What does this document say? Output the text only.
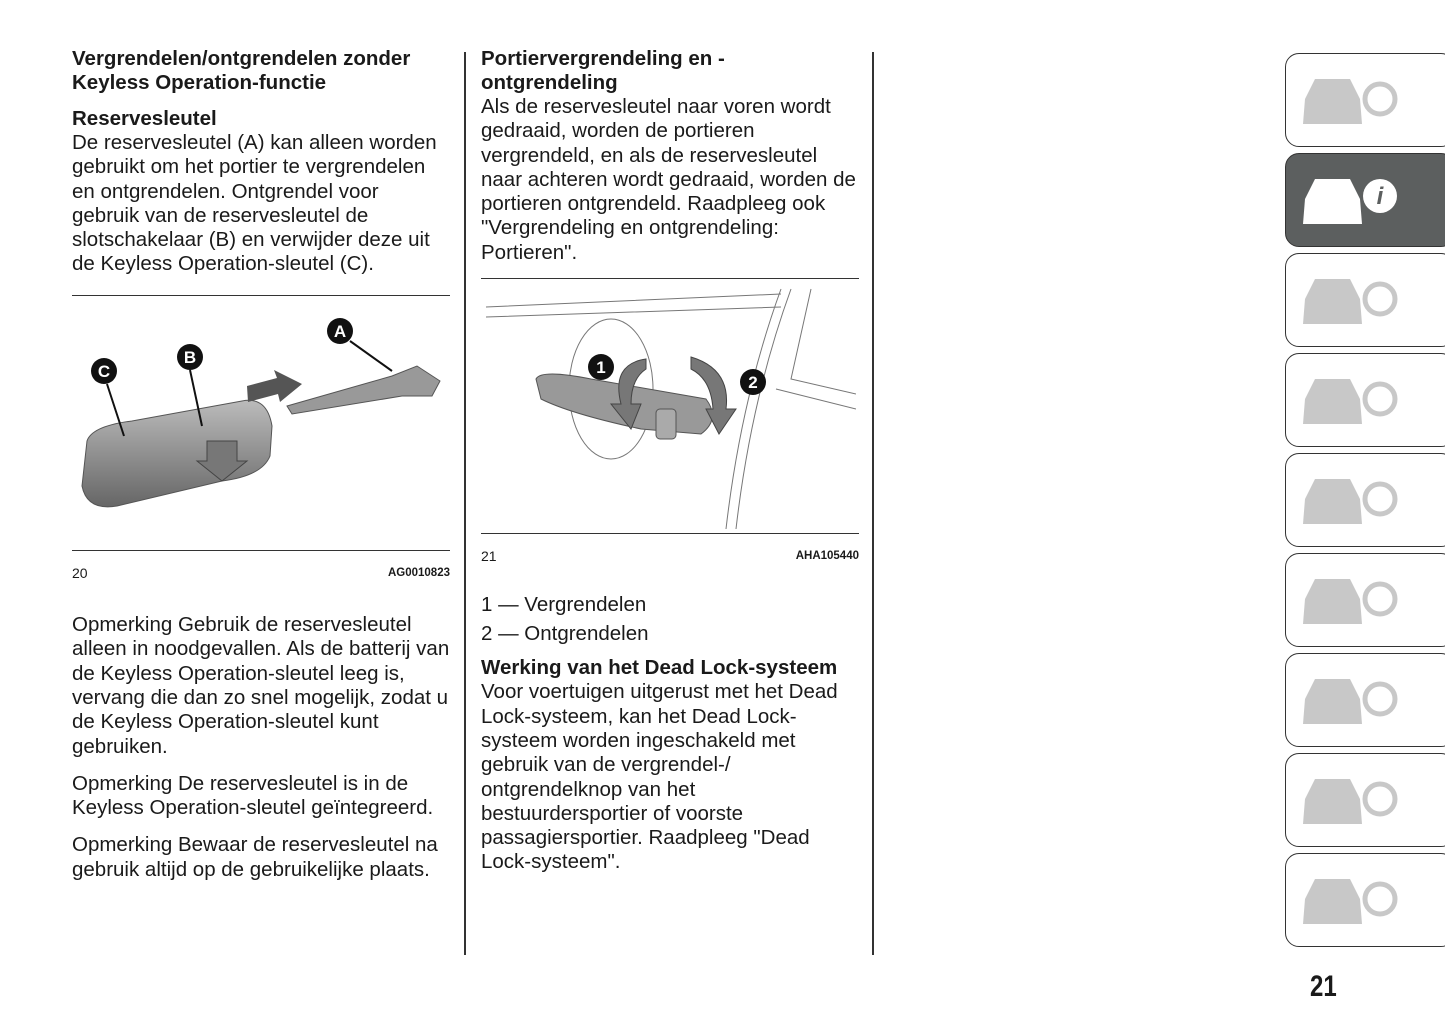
Vergrendelen/ontgrendelen zonder Keyless Operation-functie
Reservesleutel

De reservesleutel (A) kan alleen worden gebruikt om het portier te vergrendelen en ontgrendelen. Ontgrendel voor gebruik van de reservesleutel de slotschakelaar (B) en verwijder deze uit de Keyless Operation-sleutel (C).

C
B
A
20	AG0010823

Opmerking Gebruik de reservesleutel alleen in noodgevallen. Als de batterij van de Keyless Operation-sleutel leeg is, vervang die dan zo snel mogelijk, zodat u de Keyless Operation-sleutel kunt gebruiken.

Opmerking De reservesleutel is in de Keyless Operation-sleutel geïntegreerd.

Opmerking Bewaar de reservesleutel na gebruik altijd op de gebruikelijke plaats.

Portiervergrendeling en -ontgrendeling

Als de reservesleutel naar voren wordt gedraaid, worden de portieren vergrendeld, en als de reservesleutel naar achteren wordt gedraaid, worden de portieren ontgrendeld. Raadpleeg ook "Vergrendeling en ontgrendeling: Portieren".

1
2
21	AHA105440
1 — Vergrendelen
2 — Ontgrendelen
Werking van het Dead Lock-systeem

Voor voertuigen uitgerust met het Dead Lock-systeem, kan het Dead Lock-systeem worden ingeschakeld met gebruik van de vergrendel-/ ontgrendelknop van het bestuurdersportier of voorste passagiersportier. Raadpleeg "Dead Lock-systeem".

i
21
